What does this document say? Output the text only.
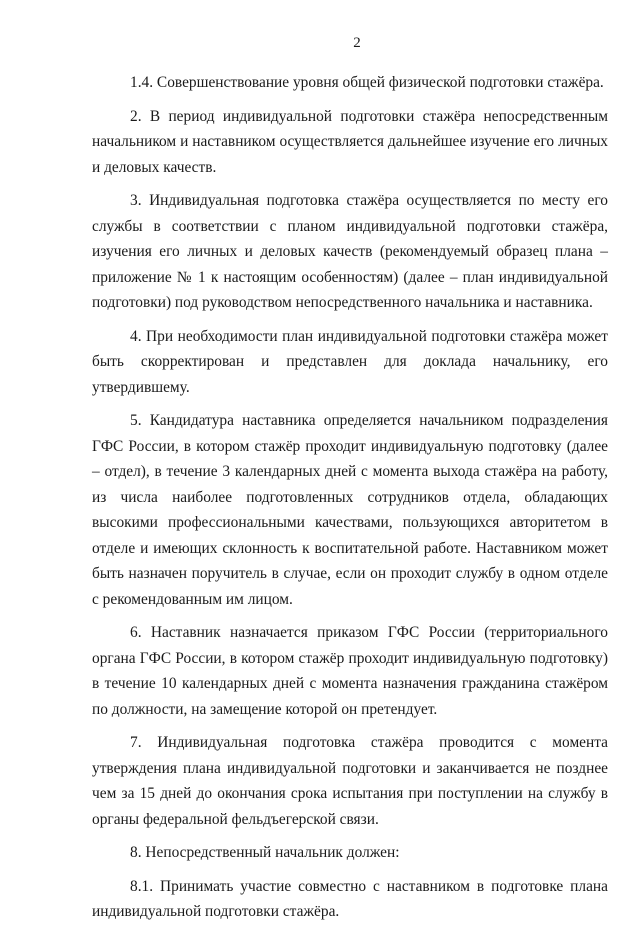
2

1.4. Совершенствование уровня общей физической подготовки стажёра.

2. В период индивидуальной подготовки стажёра непосредственным начальником и наставником осуществляется дальнейшее изучение его личных и деловых качеств.

3. Индивидуальная подготовка стажёра осуществляется по месту его службы в соответствии с планом индивидуальной подготовки стажёра, изучения его личных и деловых качеств (рекомендуемый образец плана – приложение № 1 к настоящим особенностям) (далее – план индивидуальной подготовки) под руководством непосредственного начальника и наставника.

4. При необходимости план индивидуальной подготовки стажёра может быть скорректирован и представлен для доклада начальнику, его утвердившему.

5. Кандидатура наставника определяется начальником подразделения ГФС России, в котором стажёр проходит индивидуальную подготовку (далее – отдел), в течение 3 календарных дней с момента выхода стажёра на работу, из числа наиболее подготовленных сотрудников отдела, обладающих высокими профессиональными качествами, пользующихся авторитетом в отделе и имеющих склонность к воспитательной работе. Наставником может быть назначен поручитель в случае, если он проходит службу в одном отделе с рекомендованным им лицом.

6. Наставник назначается приказом ГФС России (территориального органа ГФС России, в котором стажёр проходит индивидуальную подготовку) в течение 10 календарных дней с момента назначения гражданина стажёром по должности, на замещение которой он претендует.

7. Индивидуальная подготовка стажёра проводится с момента утверждения плана индивидуальной подготовки и заканчивается не позднее чем за 15 дней до окончания срока испытания при поступлении на службу в органы федеральной фельдъегерской связи.

8. Непосредственный начальник должен:

8.1. Принимать участие совместно с наставником в подготовке плана индивидуальной подготовки стажёра.
